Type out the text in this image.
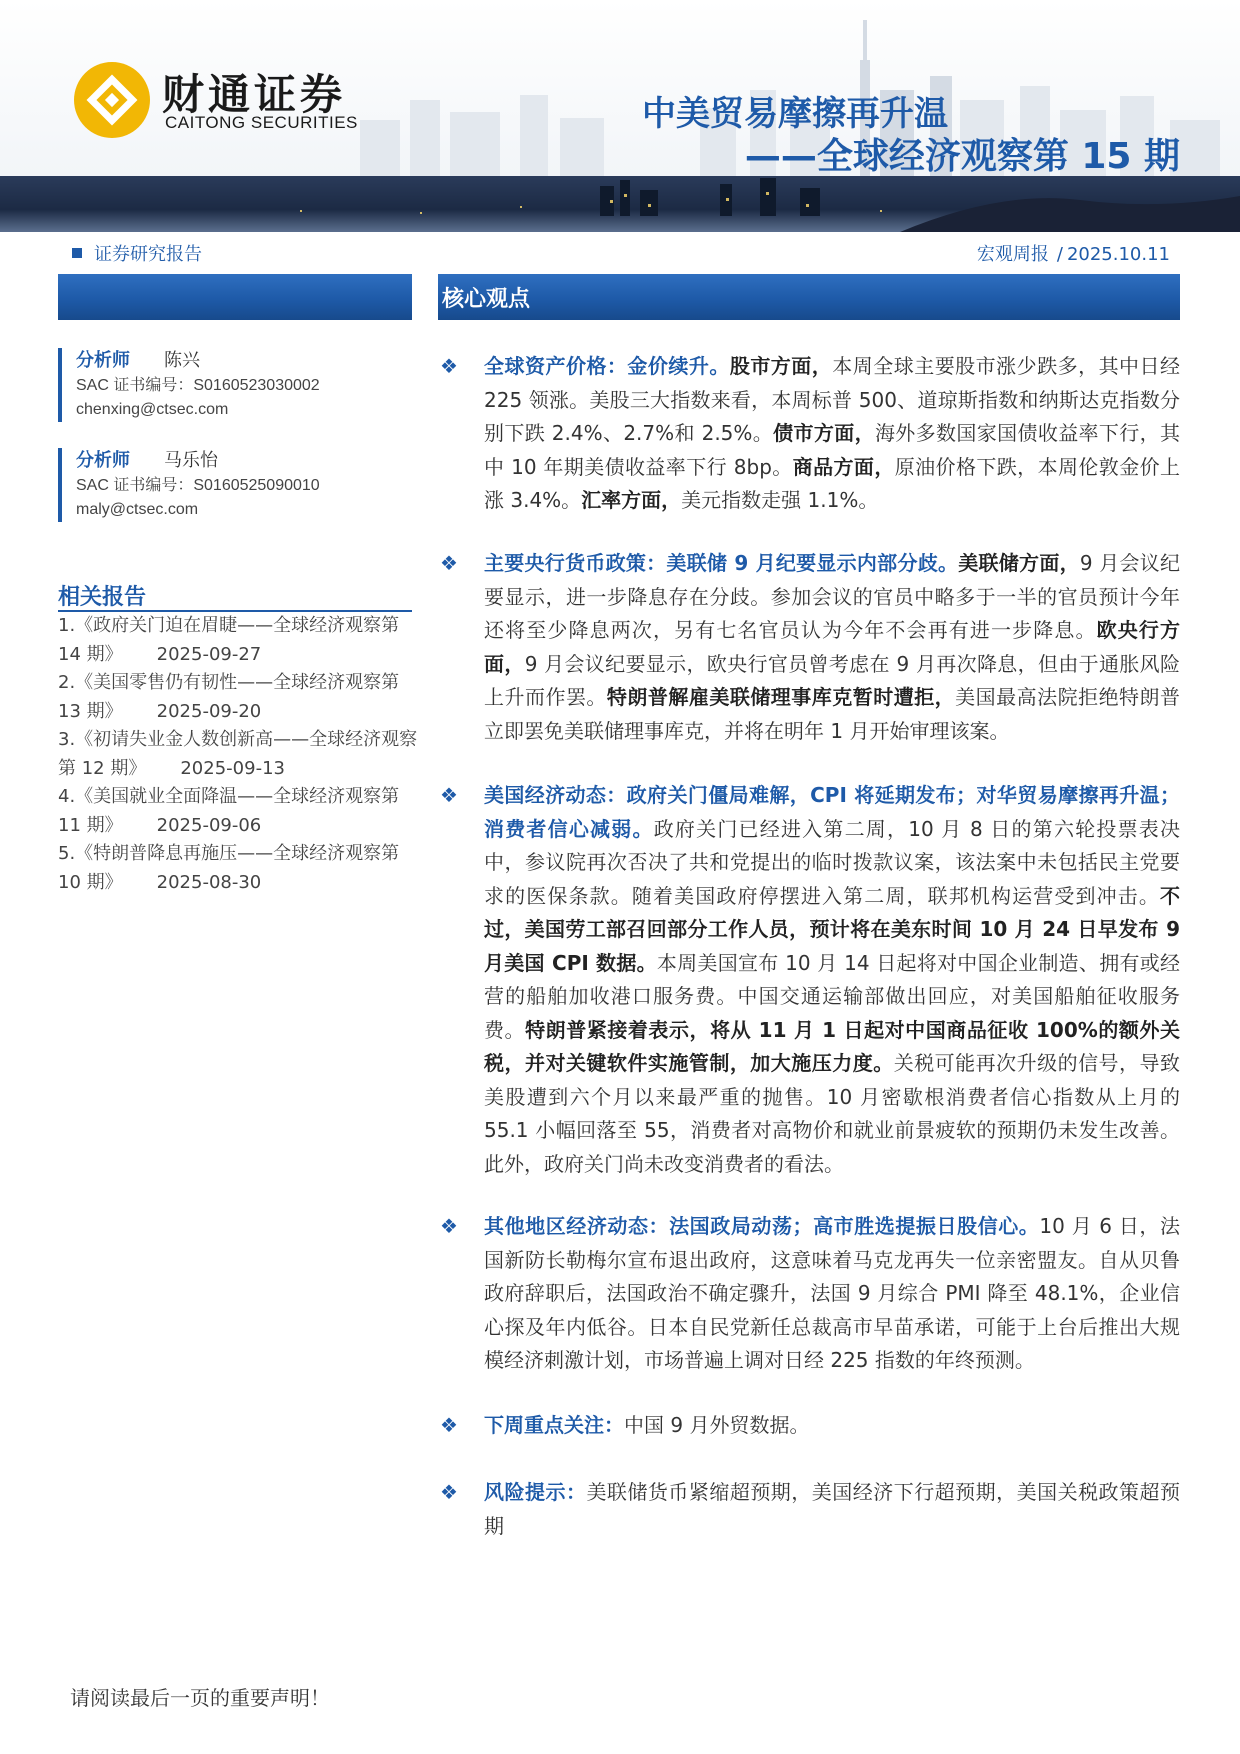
财通证券
CAITONG SECURITIES	中美贸易摩擦再升温
——全球经济观察第 15 期
证券研究报告	宏观周报 / 2025.10.11
分析师 陈兴
SAC 证书编号：S0160523030002
chenxing@ctsec.com
分析师 马乐怡
SAC 证书编号：S0160525090010
maly@ctsec.com
相关报告
1.《政府关门迫在眉睫——全球经济观察第 14 期》 2025-09-27
2.《美国零售仍有韧性——全球经济观察第 13 期》 2025-09-20
3.《初请失业金人数创新高——全球经济观察第 12 期》 2025-09-13
4.《美国就业全面降温——全球经济观察第 11 期》 2025-09-06
5.《特朗普降息再施压——全球经济观察第 10 期》 2025-08-30
核心观点
❖ 全球资产价格：金价续升。股市方面，本周全球主要股市涨少跌多，其中日经 225 领涨。美股三大指数来看，本周标普 500、道琼斯指数和纳斯达克指数分别下跌 2.4%、2.7%和 2.5%。债市方面，海外多数国家国债收益率下行，其中 10 年期美债收益率下行 8bp。商品方面，原油价格下跌，本周伦敦金价上涨 3.4%。汇率方面，美元指数走强 1.1%。
❖ 主要央行货币政策：美联储 9 月纪要显示内部分歧。美联储方面，9 月会议纪要显示，进一步降息存在分歧。参加会议的官员中略多于一半的官员预计今年还将至少降息两次，另有七名官员认为今年不会再有进一步降息。欧央行方面，9 月会议纪要显示，欧央行官员曾考虑在 9 月再次降息，但由于通胀风险上升而作罢。特朗普解雇美联储理事库克暂时遭拒，美国最高法院拒绝特朗普立即罢免美联储理事库克，并将在明年 1 月开始审理该案。
❖ 美国经济动态：政府关门僵局难解，CPI 将延期发布；对华贸易摩擦再升温；消费者信心减弱。政府关门已经进入第二周，10 月 8 日的第六轮投票表决中，参议院再次否决了共和党提出的临时拨款议案，该法案中未包括民主党要求的医保条款。随着美国政府停摆进入第二周，联邦机构运营受到冲击。不过，美国劳工部召回部分工作人员，预计将在美东时间 10 月 24 日早发布 9 月美国 CPI 数据。本周美国宣布 10 月 14 日起将对中国企业制造、拥有或经营的船舶加收港口服务费。中国交通运输部做出回应，对美国船舶征收服务费。特朗普紧接着表示，将从 11 月 1 日起对中国商品征收 100%的额外关税，并对关键软件实施管制，加大施压力度。关税可能再次升级的信号，导致美股遭到六个月以来最严重的抛售。10 月密歇根消费者信心指数从上月的 55.1 小幅回落至 55，消费者对高物价和就业前景疲软的预期仍未发生改善。此外，政府关门尚未改变消费者的看法。
❖ 其他地区经济动态：法国政局动荡；高市胜选提振日股信心。10 月 6 日，法国新防长勒梅尔宣布退出政府，这意味着马克龙再失一位亲密盟友。自从贝鲁政府辞职后，法国政治不确定骤升，法国 9 月综合 PMI 降至 48.1%，企业信心探及年内低谷。日本自民党新任总裁高市早苗承诺，可能于上台后推出大规模经济刺激计划，市场普遍上调对日经 225 指数的年终预测。
❖ 下周重点关注：中国 9 月外贸数据。
❖ 风险提示：美联储货币紧缩超预期，美国经济下行超预期，美国关税政策超预期
请阅读最后一页的重要声明！
